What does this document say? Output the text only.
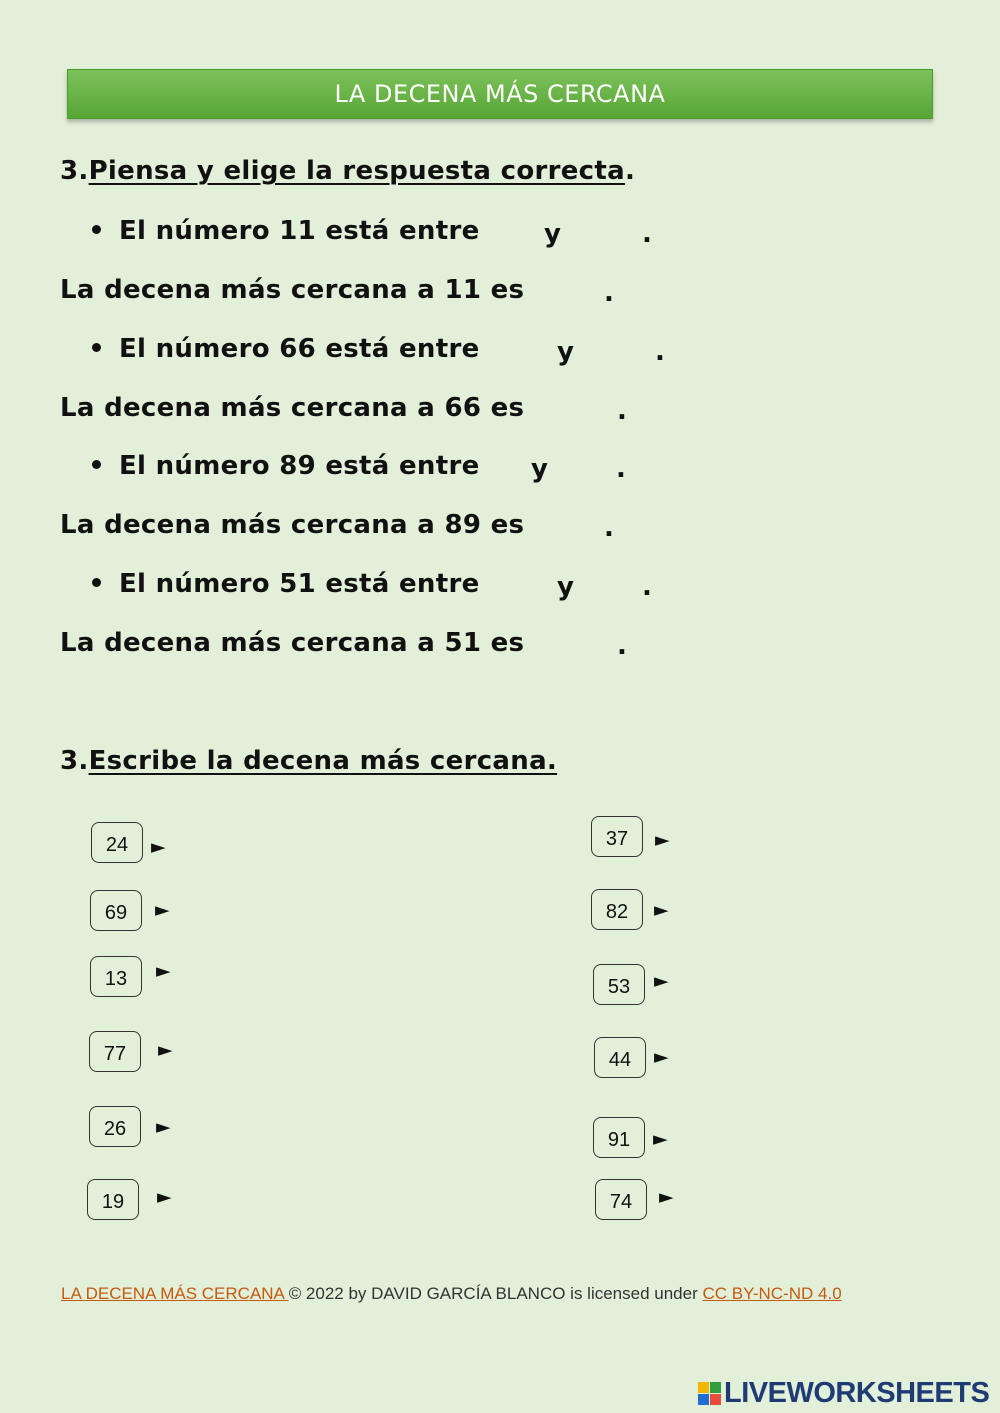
LA DECENA MÁS CERCANA
3.Piensa y elige la respuesta correcta.
El número 11 está entre y	.
La decena más cercana a 11 es	.
El número 66 está entre	y	.
La decena más cercana a 66 es	.
El número 89 está entre y	.
La decena más cercana a 89 es	.
El número 51 está entre	y	.
La decena más cercana a 51 es	.
3.Escribe la decena más cercana.
24	►
69	►
13	►
77	►
26	►
19	►
37	►
82	►
53	►
44	►
91	►
74	►
LA DECENA MÁS CERCANA © 2022 by DAVID GARCÍA BLANCO is licensed under CC BY-NC-ND 4.0
LIVEWORKSHEETS
